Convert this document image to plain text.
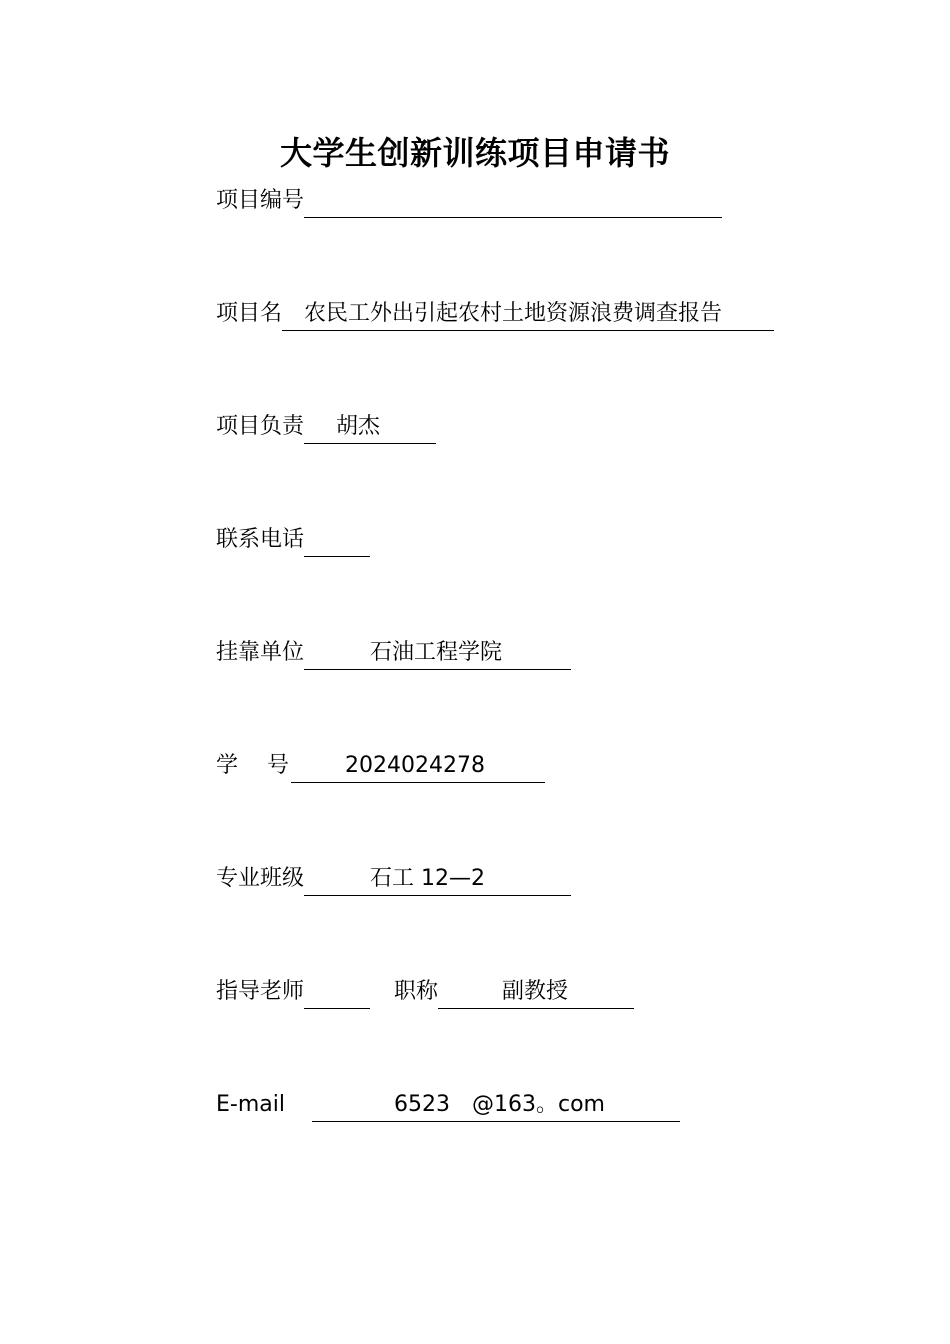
大学生创新训练项目申请书
项目编号
项目名 农民工外出引起农村土地资源浪费调查报告
项目负责 胡杰
联系电话
挂靠单位	石油工程学院
学　 号	2024024278
专业班级	石工 12—2
指导老师	职称	副教授
E-mail	6523　@163。com
